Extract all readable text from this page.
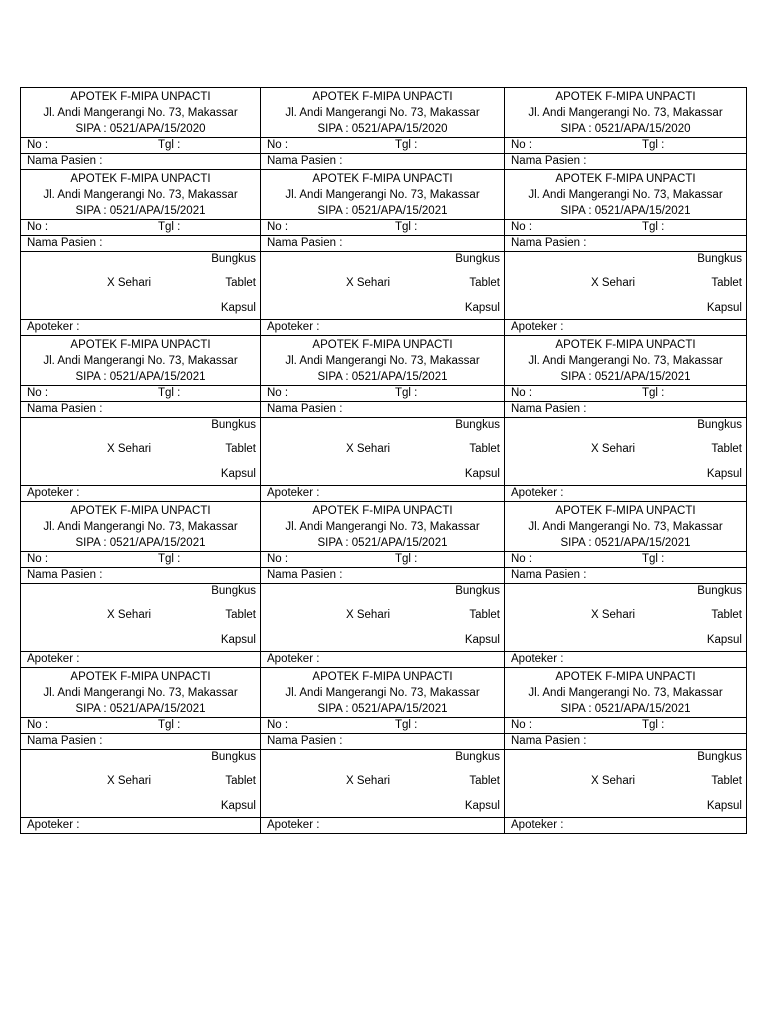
APOTEK F-MIPA UNPACTI
Jl. Andi Mangerangi No. 73, Makassar
SIPA : 0521/APA/15/2020
No :	Tgl :
Nama Pasien :
APOTEK F-MIPA UNPACTI
Jl. Andi Mangerangi No. 73, Makassar
SIPA : 0521/APA/15/2020
No :	Tgl :
Nama Pasien :
APOTEK F-MIPA UNPACTI
Jl. Andi Mangerangi No. 73, Makassar
SIPA : 0521/APA/15/2020
No :	Tgl :
Nama Pasien :
APOTEK F-MIPA UNPACTI
Jl. Andi Mangerangi No. 73, Makassar
SIPA : 0521/APA/15/2021
No :	Tgl :
Nama Pasien :
Bungkus
X Sehari	Tablet
Kapsul
Apoteker :
APOTEK F-MIPA UNPACTI
Jl. Andi Mangerangi No. 73, Makassar
SIPA : 0521/APA/15/2021
No :	Tgl :
Nama Pasien :
Bungkus
X Sehari	Tablet
Kapsul
Apoteker :
APOTEK F-MIPA UNPACTI
Jl. Andi Mangerangi No. 73, Makassar
SIPA : 0521/APA/15/2021
No :	Tgl :
Nama Pasien :
Bungkus
X Sehari	Tablet
Kapsul
Apoteker :
APOTEK F-MIPA UNPACTI
Jl. Andi Mangerangi No. 73, Makassar
SIPA : 0521/APA/15/2021
No :	Tgl :
Nama Pasien :
Bungkus
X Sehari	Tablet
Kapsul
Apoteker :
APOTEK F-MIPA UNPACTI
Jl. Andi Mangerangi No. 73, Makassar
SIPA : 0521/APA/15/2021
No :	Tgl :
Nama Pasien :
Bungkus
X Sehari	Tablet
Kapsul
Apoteker :
APOTEK F-MIPA UNPACTI
Jl. Andi Mangerangi No. 73, Makassar
SIPA : 0521/APA/15/2021
No :	Tgl :
Nama Pasien :
Bungkus
X Sehari	Tablet
Kapsul
Apoteker :
APOTEK F-MIPA UNPACTI
Jl. Andi Mangerangi No. 73, Makassar
SIPA : 0521/APA/15/2021
No :	Tgl :
Nama Pasien :
Bungkus
X Sehari	Tablet
Kapsul
Apoteker :
APOTEK F-MIPA UNPACTI
Jl. Andi Mangerangi No. 73, Makassar
SIPA : 0521/APA/15/2021
No :	Tgl :
Nama Pasien :
Bungkus
X Sehari	Tablet
Kapsul
Apoteker :
APOTEK F-MIPA UNPACTI
Jl. Andi Mangerangi No. 73, Makassar
SIPA : 0521/APA/15/2021
No :	Tgl :
Nama Pasien :
Bungkus
X Sehari	Tablet
Kapsul
Apoteker :
APOTEK F-MIPA UNPACTI
Jl. Andi Mangerangi No. 73, Makassar
SIPA : 0521/APA/15/2021
No :	Tgl :
Nama Pasien :
Bungkus
X Sehari	Tablet
Kapsul
Apoteker :
APOTEK F-MIPA UNPACTI
Jl. Andi Mangerangi No. 73, Makassar
SIPA : 0521/APA/15/2021
No :	Tgl :
Nama Pasien :
Bungkus
X Sehari	Tablet
Kapsul
Apoteker :
APOTEK F-MIPA UNPACTI
Jl. Andi Mangerangi No. 73, Makassar
SIPA : 0521/APA/15/2021
No :	Tgl :
Nama Pasien :
Bungkus
X Sehari	Tablet
Kapsul
Apoteker :
